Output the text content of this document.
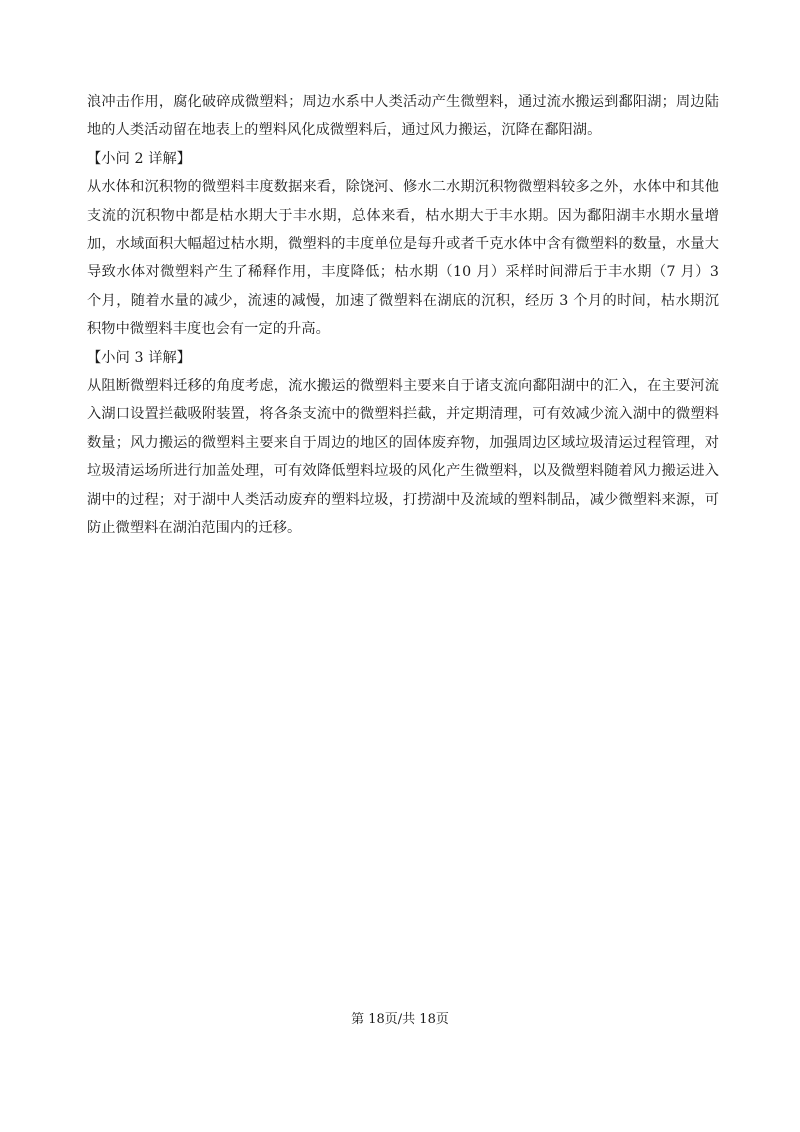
浪冲击作用，腐化破碎成微塑料；周边水系中人类活动产生微塑料，通过流水搬运到鄱阳湖；周边陆地的人类活动留在地表上的塑料风化成微塑料后，通过风力搬运，沉降在鄱阳湖。

【小问 2 详解】

从水体和沉积物的微塑料丰度数据来看，除饶河、修水二水期沉积物微塑料较多之外，水体中和其他支流的沉积物中都是枯水期大于丰水期，总体来看，枯水期大于丰水期。因为鄱阳湖丰水期水量增加，水域面积大幅超过枯水期，微塑料的丰度单位是每升或者千克水体中含有微塑料的数量，水量大导致水体对微塑料产生了稀释作用，丰度降低；枯水期（10 月）采样时间滞后于丰水期（7 月）3 个月，随着水量的减少，流速的减慢，加速了微塑料在湖底的沉积，经历 3 个月的时间，枯水期沉积物中微塑料丰度也会有一定的升高。

【小问 3 详解】

从阻断微塑料迁移的角度考虑，流水搬运的微塑料主要来自于诸支流向鄱阳湖中的汇入，在主要河流入湖口设置拦截吸附装置，将各条支流中的微塑料拦截，并定期清理，可有效减少流入湖中的微塑料数量；风力搬运的微塑料主要来自于周边的地区的固体废弃物，加强周边区域垃圾清运过程管理，对垃圾清运场所进行加盖处理，可有效降低塑料垃圾的风化产生微塑料，以及微塑料随着风力搬运进入湖中的过程；对于湖中人类活动废弃的塑料垃圾，打捞湖中及流域的塑料制品，减少微塑料来源，可防止微塑料在湖泊范围内的迁移。

第 18页/共 18页
